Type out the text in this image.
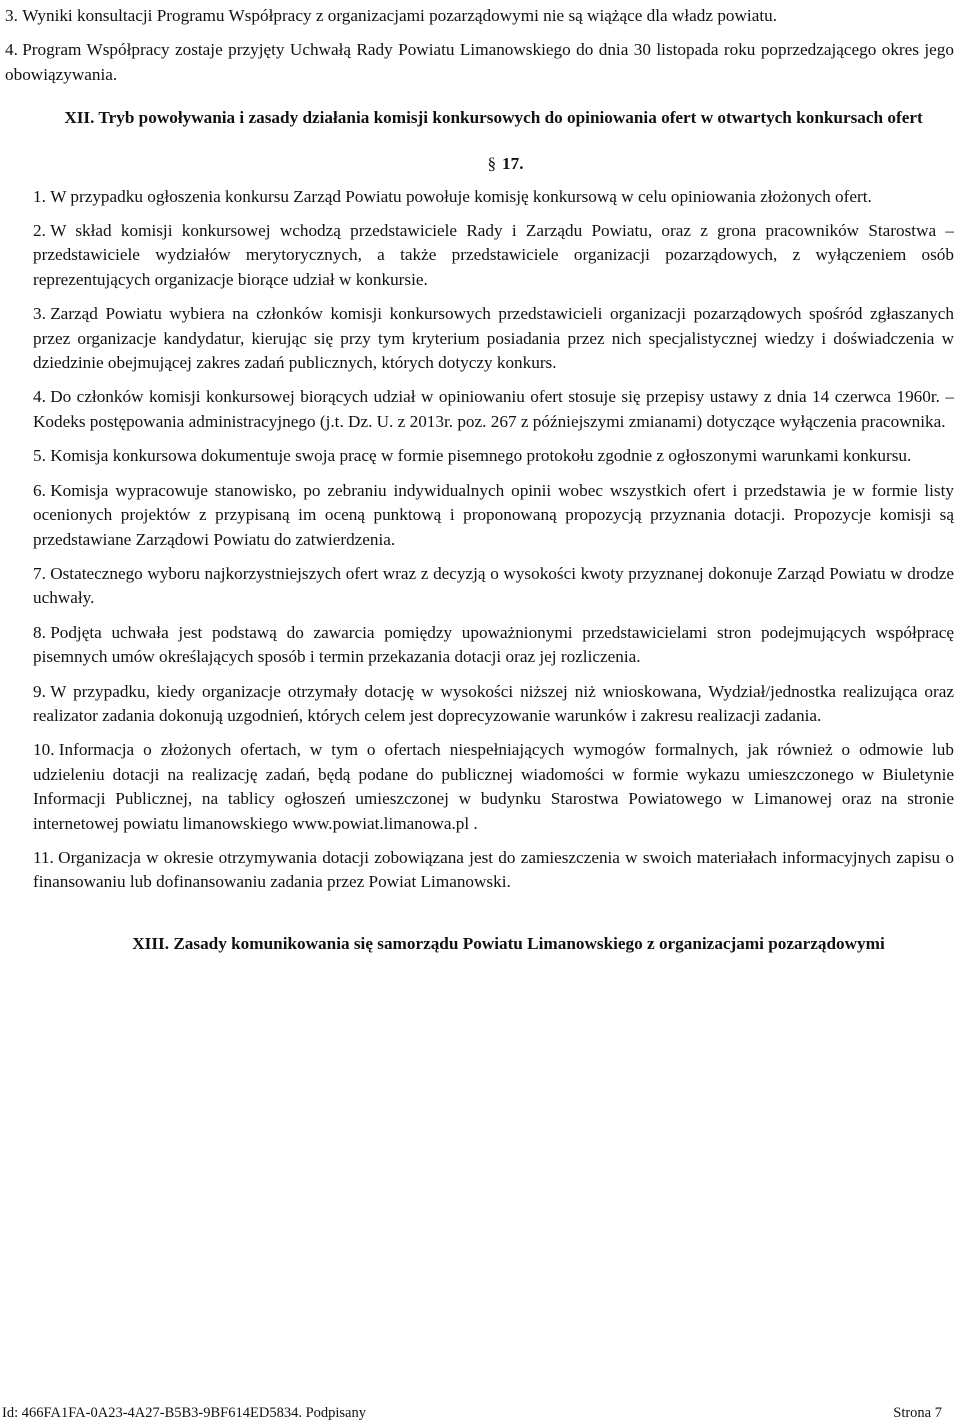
3. Wyniki konsultacji Programu Współpracy z organizacjami pozarządowymi nie są wiążące dla władz powiatu.

4. Program Współpracy zostaje przyjęty Uchwałą Rady Powiatu Limanowskiego do dnia 30 listopada roku poprzedzającego okres jego obowiązywania.

XII. Tryb powoływania i zasady działania komisji konkursowych do opiniowania ofert w otwartych konkursach ofert
§ 17.

1. W przypadku ogłoszenia konkursu Zarząd Powiatu powołuje komisję konkursową w celu opiniowania złożonych ofert.

2. W skład komisji konkursowej wchodzą przedstawiciele Rady i Zarządu Powiatu, oraz z grona pracowników Starostwa – przedstawiciele wydziałów merytorycznych, a także przedstawiciele organizacji pozarządowych, z wyłączeniem osób reprezentujących organizacje biorące udział w konkursie.

3. Zarząd Powiatu wybiera na członków komisji konkursowych przedstawicieli organizacji pozarządowych spośród zgłaszanych przez organizacje kandydatur, kierując się przy tym kryterium posiadania przez nich specjalistycznej wiedzy i doświadczenia w dziedzinie obejmującej zakres zadań publicznych, których dotyczy konkurs.

4. Do członków komisji konkursowej biorących udział w opiniowaniu ofert stosuje się przepisy ustawy z dnia 14 czerwca 1960r. – Kodeks postępowania administracyjnego (j.t. Dz. U. z 2013r. poz. 267 z późniejszymi zmianami) dotyczące wyłączenia pracownika.

5. Komisja konkursowa dokumentuje swoja pracę w formie pisemnego protokołu zgodnie z ogłoszonymi warunkami konkursu.

6. Komisja wypracowuje stanowisko, po zebraniu indywidualnych opinii wobec wszystkich ofert i przedstawia je w formie listy ocenionych projektów z przypisaną im oceną punktową i proponowaną propozycją przyznania dotacji. Propozycje komisji są przedstawiane Zarządowi Powiatu do zatwierdzenia.

7. Ostatecznego wyboru najkorzystniejszych ofert wraz z decyzją o wysokości kwoty przyznanej dokonuje Zarząd Powiatu w drodze uchwały.

8. Podjęta uchwała jest podstawą do zawarcia pomiędzy upoważnionymi przedstawicielami stron podejmujących współpracę pisemnych umów określających sposób i termin przekazania dotacji oraz jej rozliczenia.

9. W przypadku, kiedy organizacje otrzymały dotację w wysokości niższej niż wnioskowana, Wydział/jednostka realizująca oraz realizator zadania dokonują uzgodnień, których celem jest doprecyzowanie warunków i zakresu realizacji zadania.

10. Informacja o złożonych ofertach, w tym o ofertach niespełniających wymogów formalnych, jak również o odmowie lub udzieleniu dotacji na realizację zadań, będą podane do publicznej wiadomości w formie wykazu umieszczonego w Biuletynie Informacji Publicznej, na tablicy ogłoszeń umieszczonej w budynku Starostwa Powiatowego w Limanowej oraz na stronie internetowej powiatu limanowskiego www.powiat.limanowa.pl .

11. Organizacja w okresie otrzymywania dotacji zobowiązana jest do zamieszczenia w swoich materiałach informacyjnych zapisu o finansowaniu lub dofinansowaniu zadania przez Powiat Limanowski.

XIII. Zasady komunikowania się samorządu Powiatu Limanowskiego z organizacjami pozarządowymi
Id: 466FA1FA-0A23-4A27-B5B3-9BF614ED5834. Podpisany	Strona 7
